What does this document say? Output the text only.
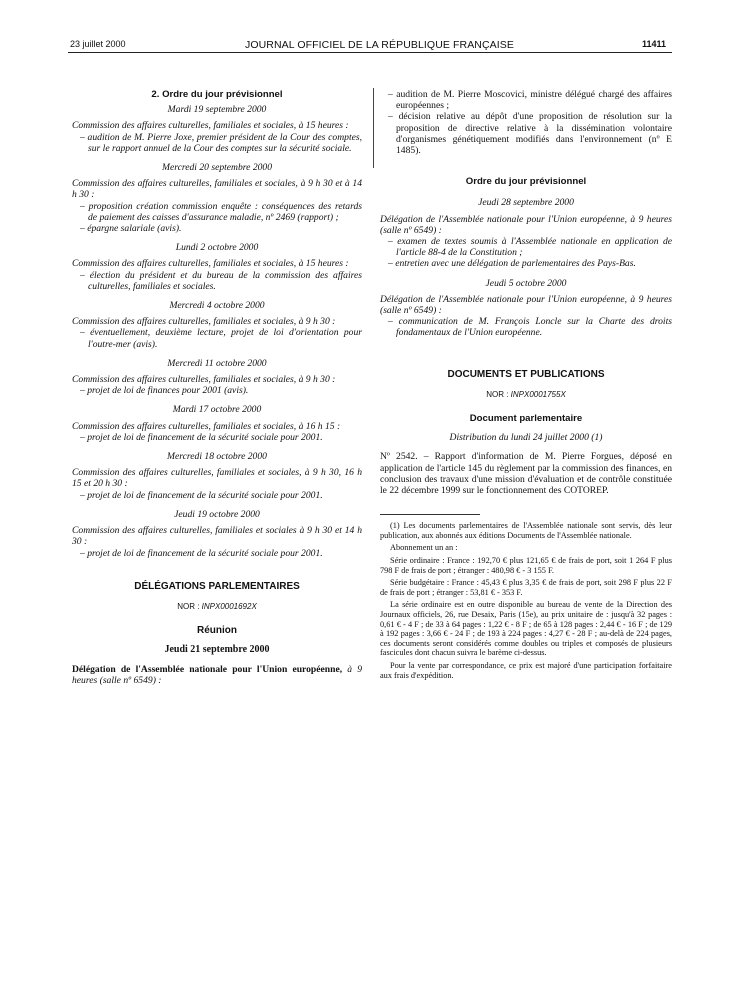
23 juillet 2000	JOURNAL OFFICIEL DE LA RÉPUBLIQUE FRANÇAISE	11411
2. Ordre du jour prévisionnel
Mardi 19 septembre 2000
Commission des affaires culturelles, familiales et sociales, à 15 heures :
– audition de M. Pierre Joxe, premier président de la Cour des comptes, sur le rapport annuel de la Cour des comptes sur la sécurité sociale.
Mercredi 20 septembre 2000
Commission des affaires culturelles, familiales et sociales, à 9 h 30 et à 14 h 30 :
– proposition création commission enquête : conséquences des retards de paiement des caisses d'assurance maladie, nº 2469 (rapport) ;
– épargne salariale (avis).
Lundi 2 octobre 2000
Commission des affaires culturelles, familiales et sociales, à 15 heures :
– élection du président et du bureau de la commission des affaires culturelles, familiales et sociales.
Mercredi 4 octobre 2000
Commission des affaires culturelles, familiales et sociales, à 9 h 30 :
– éventuellement, deuxième lecture, projet de loi d'orientation pour l'outre-mer (avis).
Mercredi 11 octobre 2000
Commission des affaires culturelles, familiales et sociales, à 9 h 30 :
– projet de loi de finances pour 2001 (avis).
Mardi 17 octobre 2000
Commission des affaires culturelles, familiales et sociales, à 16 h 15 :
– projet de loi de financement de la sécurité sociale pour 2001.
Mercredi 18 octobre 2000
Commission des affaires culturelles, familiales et sociales, à 9 h 30, 16 h 15 et 20 h 30 :
– projet de loi de financement de la sécurité sociale pour 2001.
Jeudi 19 octobre 2000
Commission des affaires culturelles, familiales et sociales à 9 h 30 et 14 h 30 :
– projet de loi de financement de la sécurité sociale pour 2001.
DÉLÉGATIONS PARLEMENTAIRES
NOR : INPX0001692X
Réunion
Jeudi 21 septembre 2000
Délégation de l'Assemblée nationale pour l'Union européenne, à 9 heures (salle nº 6549) :
– audition de M. Pierre Moscovici, ministre délégué chargé des affaires européennes ;
– décision relative au dépôt d'une proposition de résolution sur la proposition de directive relative à la dissémination volontaire d'organismes génétiquement modifiés dans l'environnement (nº E 1485).
Ordre du jour prévisionnel
Jeudi 28 septembre 2000
Délégation de l'Assemblée nationale pour l'Union européenne, à 9 heures (salle nº 6549) :
– examen de textes soumis à l'Assemblée nationale en application de l'article 88-4 de la Constitution ;
– entretien avec une délégation de parlementaires des Pays-Bas.
Jeudi 5 octobre 2000
Délégation de l'Assemblée nationale pour l'Union européenne, à 9 heures (salle nº 6549) :
– communication de M. François Loncle sur la Charte des droits fondamentaux de l'Union européenne.
DOCUMENTS ET PUBLICATIONS
NOR : INPX0001755X
Document parlementaire
Distribution du lundi 24 juillet 2000 (1)
Nº 2542. – Rapport d'information de M. Pierre Forgues, déposé en application de l'article 145 du règlement par la commission des finances, en conclusion des travaux d'une mission d'évaluation et de contrôle constituée le 22 décembre 1999 sur le fonctionnement des COTOREP.
(1) Les documents parlementaires de l'Assemblée nationale sont servis, dès leur publication, aux abonnés aux éditions Documents de l'Assemblée nationale.
Abonnement un an :
Série ordinaire : France : 192,70 € plus 121,65 € de frais de port, soit 1 264 F plus 798 F de frais de port ; étranger : 480,98 € - 3 155 F.
Série budgétaire : France : 45,43 € plus 3,35 € de frais de port, soit 298 F plus 22 F de frais de port ; étranger : 53,81 € - 353 F.
La série ordinaire est en outre disponible au bureau de vente de la Direction des Journaux officiels, 26, rue Desaix, Paris (15e), au prix unitaire de : jusqu'à 32 pages : 0,61 € - 4 F ; de 33 à 64 pages : 1,22 € - 8 F ; de 65 à 128 pages : 2,44 € - 16 F ; de 129 à 192 pages : 3,66 € - 24 F ; de 193 à 224 pages : 4,27 € - 28 F ; au-delà de 224 pages, ces documents seront considérés comme doubles ou triples et composés de plusieurs fascicules dont chacun suivra le barème ci-dessus.
Pour la vente par correspondance, ce prix est majoré d'une participation forfaitaire aux frais d'expédition.
